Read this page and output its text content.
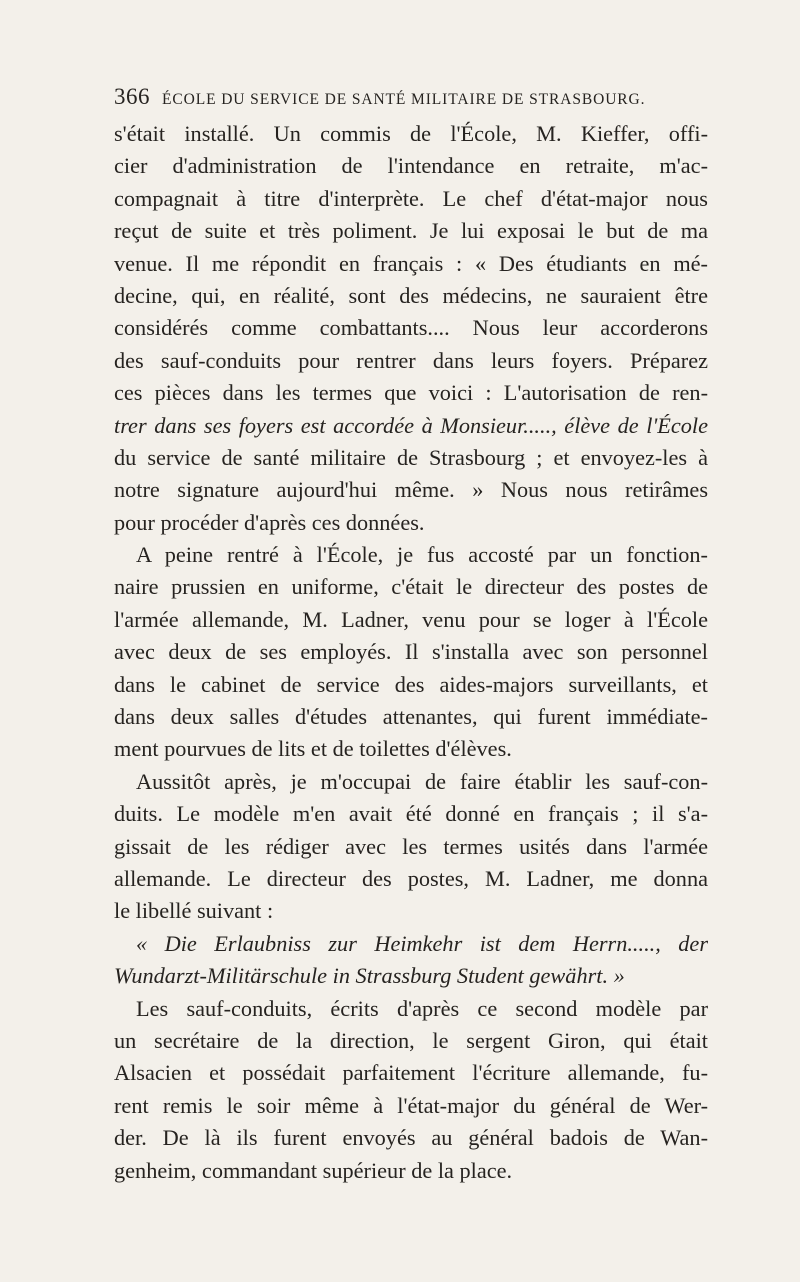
366 ÉCOLE DU SERVICE DE SANTÉ MILITAIRE DE STRASBOURG.
s'était installé. Un commis de l'École, M. Kieffer, offi-
cier d'administration de l'intendance en retraite, m'ac-
compagnait à titre d'interprète. Le chef d'état-major nous
reçut de suite et très poliment. Je lui exposai le but de ma
venue. Il me répondit en français : « Des étudiants en mé-
decine, qui, en réalité, sont des médecins, ne sauraient être
considérés comme combattants.... Nous leur accorderons
des sauf-conduits pour rentrer dans leurs foyers. Préparez
ces pièces dans les termes que voici : L'autorisation de ren-
trer dans ses foyers est accordée à Monsieur....., élève de l'École
du service de santé militaire de Strasbourg ; et envoyez-les à
notre signature aujourd'hui même. » Nous nous retirâmes
pour procéder d'après ces données.
A peine rentré à l'École, je fus accosté par un fonction-
naire prussien en uniforme, c'était le directeur des postes de
l'armée allemande, M. Ladner, venu pour se loger à l'École
avec deux de ses employés. Il s'installa avec son personnel
dans le cabinet de service des aides-majors surveillants, et
dans deux salles d'études attenantes, qui furent immédiate-
ment pourvues de lits et de toilettes d'élèves.
Aussitôt après, je m'occupai de faire établir les sauf-con-
duits. Le modèle m'en avait été donné en français ; il s'a-
gissait de les rédiger avec les termes usités dans l'armée
allemande. Le directeur des postes, M. Ladner, me donna
le libellé suivant :
« Die Erlaubniss zur Heimkehr ist dem Herrn....., der
Wundarzt-Militärschule in Strassburg Student gewährt. »
Les sauf-conduits, écrits d'après ce second modèle par
un secrétaire de la direction, le sergent Giron, qui était
Alsacien et possédait parfaitement l'écriture allemande, fu-
rent remis le soir même à l'état-major du général de Wer-
der. De là ils furent envoyés au général badois de Wan-
genheim, commandant supérieur de la place.
